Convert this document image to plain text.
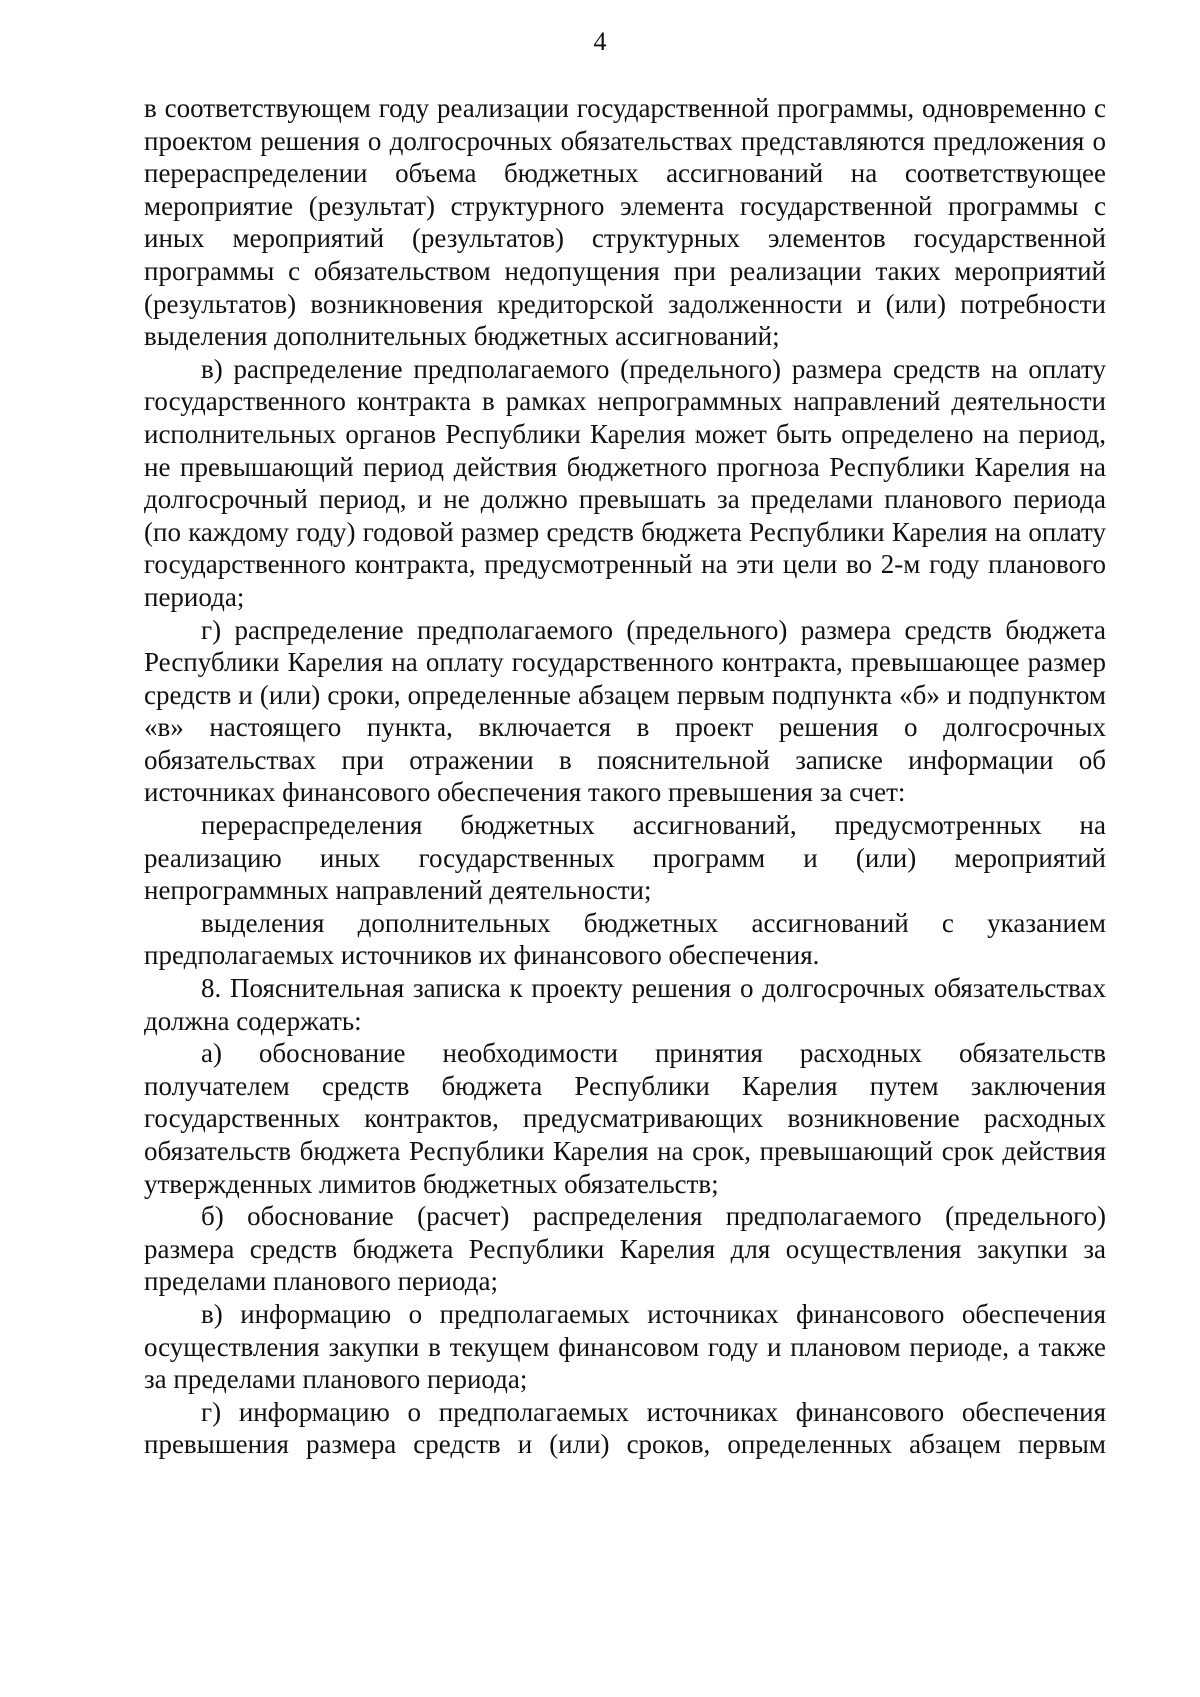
4

в соответствующем году реализации государственной программы, одновременно с проектом решения о долгосрочных обязательствах представляются предложения о перераспределении объема бюджетных ассигнований на соответствующее мероприятие (результат) структурного элемента государственной программы с иных мероприятий (результатов) структурных элементов государственной программы с обязательством недопущения при реализации таких мероприятий (результатов) возникновения кредиторской задолженности и (или) потребности выделения дополнительных бюджетных ассигнований;

в) распределение предполагаемого (предельного) размера средств на оплату государственного контракта в рамках непрограммных направлений деятельности исполнительных органов Республики Карелия может быть определено на период, не превышающий период действия бюджетного прогноза Республики Карелия на долгосрочный период, и не должно превышать за пределами планового периода (по каждому году) годовой размер средств бюджета Республики Карелия на оплату государственного контракта, предусмотренный на эти цели во 2-м году планового периода;

г) распределение предполагаемого (предельного) размера средств бюджета Республики Карелия на оплату государственного контракта, превышающее размер средств и (или) сроки, определенные абзацем первым подпункта «б» и подпунктом «в» настоящего пункта, включается в проект решения о долгосрочных обязательствах при отражении в пояснительной записке информации об источниках финансового обеспечения такого превышения за счет:

перераспределения бюджетных ассигнований, предусмотренных на реализацию иных государственных программ и (или) мероприятий непрограммных направлений деятельности;

выделения дополнительных бюджетных ассигнований с указанием предполагаемых источников их финансового обеспечения.

8. Пояснительная записка к проекту решения о долгосрочных обязательствах должна содержать:

а) обоснование необходимости принятия расходных обязательств получателем средств бюджета Республики Карелия путем заключения государственных контрактов, предусматривающих возникновение расходных обязательств бюджета Республики Карелия на срок, превышающий срок действия утвержденных лимитов бюджетных обязательств;

б) обоснование (расчет) распределения предполагаемого (предельного) размера средств бюджета Республики Карелия для осуществления закупки за пределами планового периода;

в) информацию о предполагаемых источниках финансового обеспечения осуществления закупки в текущем финансовом году и плановом периоде, а также за пределами планового периода;

г) информацию о предполагаемых источниках финансового обеспечения превышения размера средств и (или) сроков, определенных абзацем первым
